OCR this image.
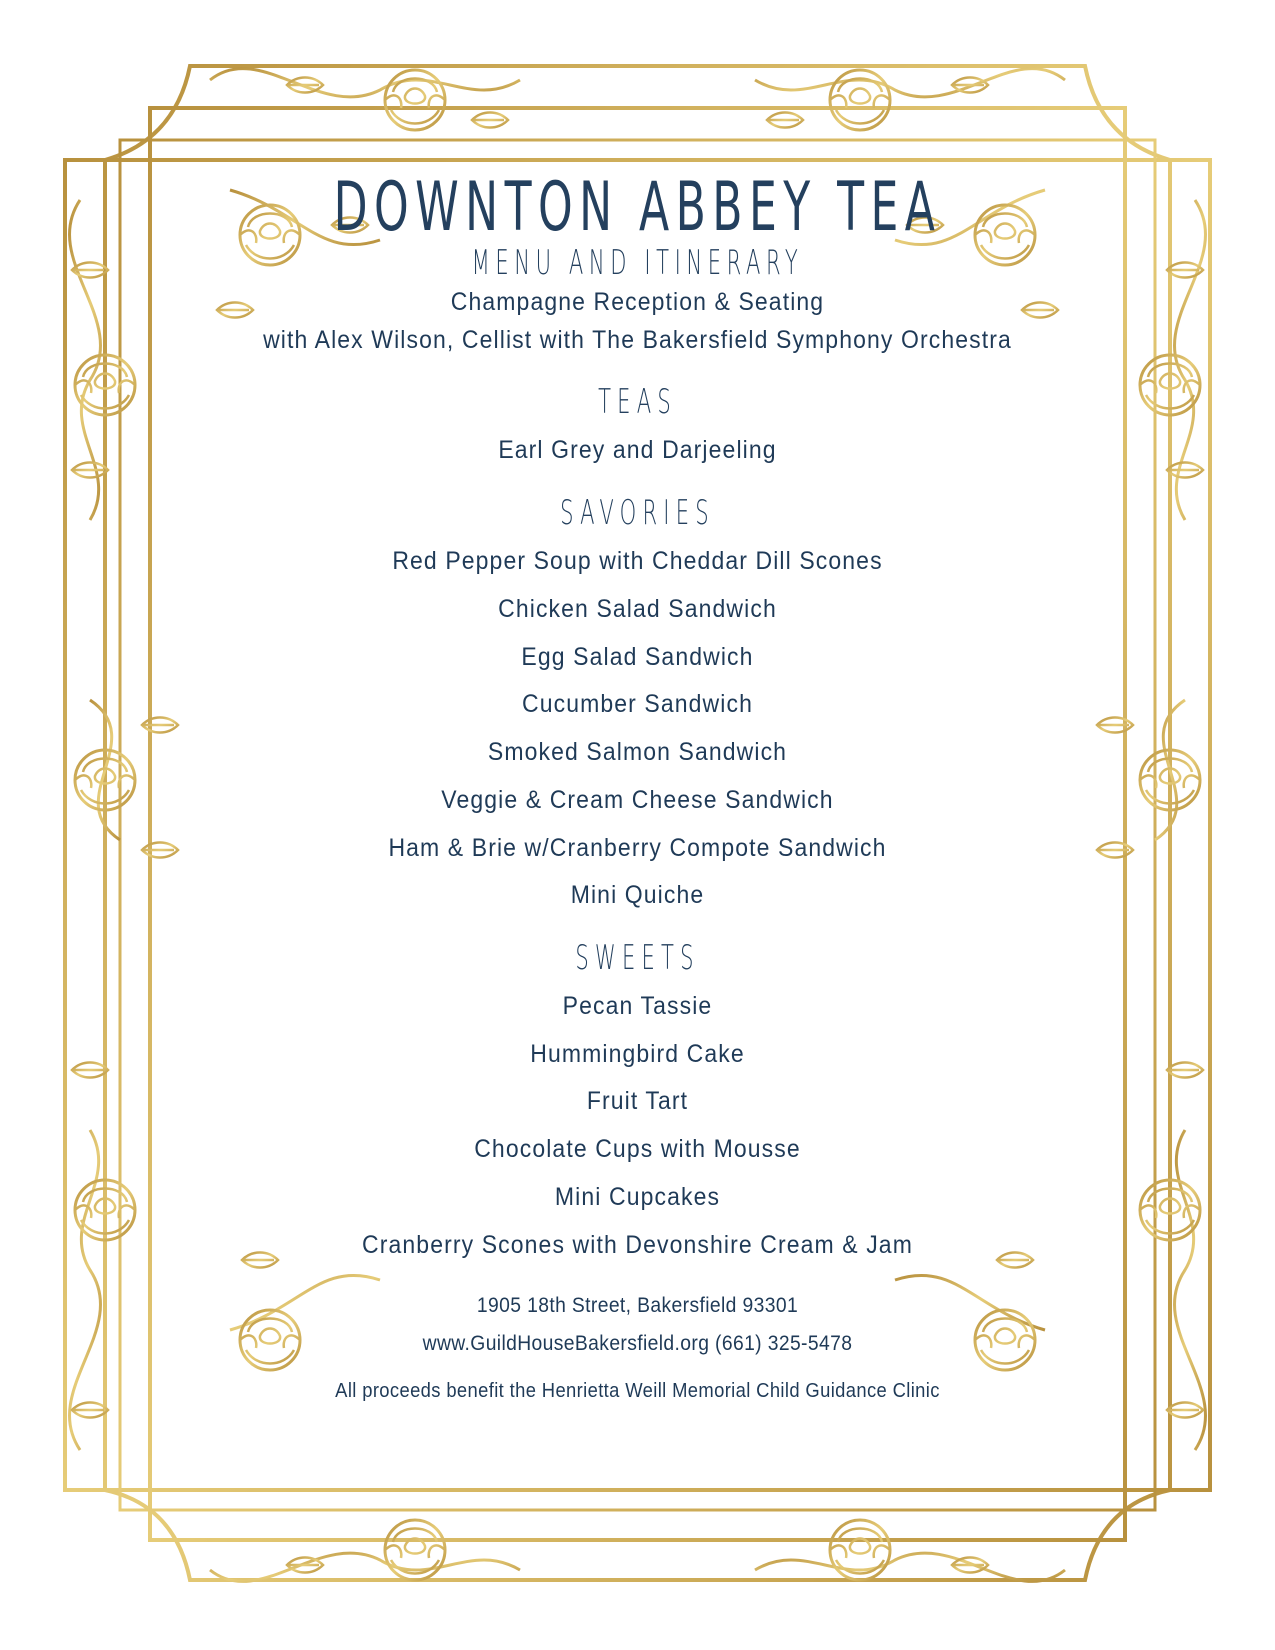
DOWNTON ABBEY TEA
MENU AND ITINERARY
Champagne Reception & Seating
with Alex Wilson, Cellist with The Bakersfield Symphony Orchestra
TEAS
Earl Grey and Darjeeling
SAVORIES
Red Pepper Soup with Cheddar Dill Scones
Chicken Salad Sandwich
Egg Salad Sandwich
Cucumber Sandwich
Smoked Salmon Sandwich
Veggie & Cream Cheese Sandwich
Ham & Brie w/Cranberry Compote Sandwich
Mini Quiche
SWEETS
Pecan Tassie
Hummingbird Cake
Fruit Tart
Chocolate Cups with Mousse
Mini Cupcakes
Cranberry Scones with Devonshire Cream & Jam
1905 18th Street, Bakersfield 93301
www.GuildHouseBakersfield.org (661) 325-5478
All proceeds benefit the Henrietta Weill Memorial Child Guidance Clinic
